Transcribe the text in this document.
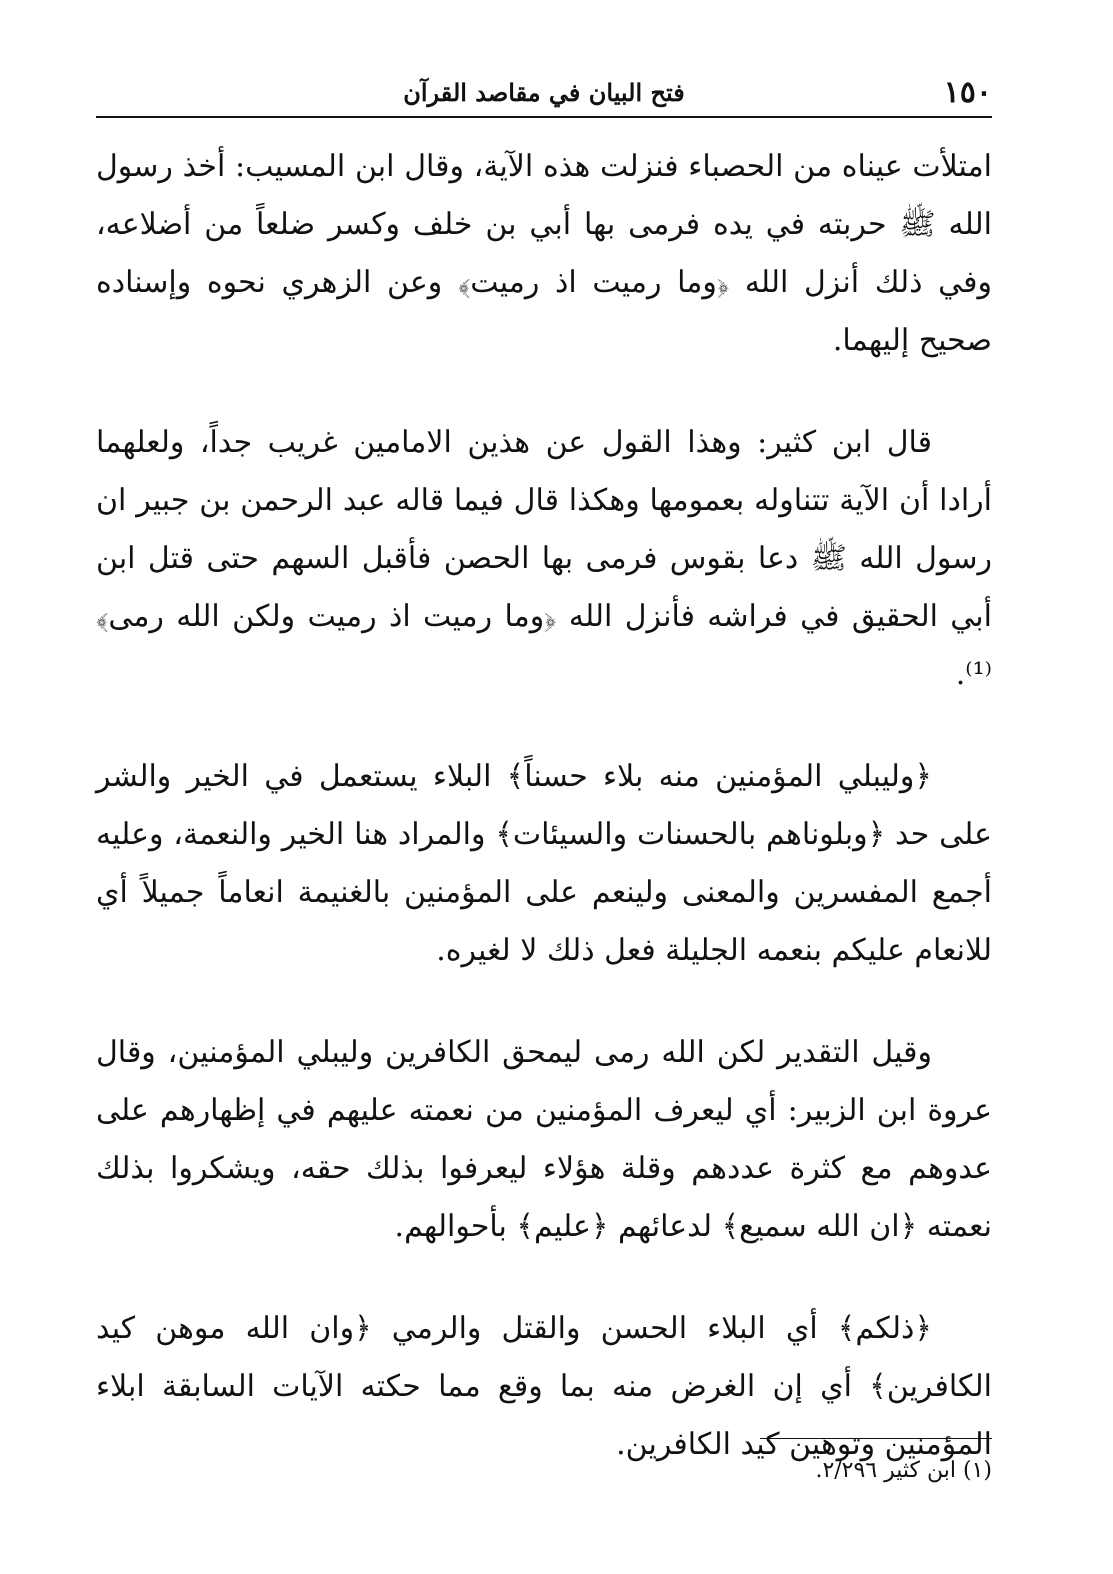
١٥٠
فتح البيان في مقاصد القرآن

امتلأت عيناه من الحصباء فنزلت هذه الآية، وقال ابن المسيب: أخذ رسول الله ﷺ حربته في يده فرمى بها أبي بن خلف وكسر ضلعاً من أضلاعه، وفي ذلك أنزل الله ﴿وما رميت اذ رميت﴾ وعن الزهري نحوه وإسناده صحيح إليهما.

قال ابن كثير: وهذا القول عن هذين الامامين غريب جداً، ولعلهما أرادا أن الآية تتناوله بعمومها وهكذا قال فيما قاله عبد الرحمن بن جبير ان رسول الله ﷺ دعا بقوس فرمى بها الحصن فأقبل السهم حتى قتل ابن أبي الحقيق في فراشه فأنزل الله ﴿وما رميت اذ رميت ولكن الله رمى﴾⁽¹⁾.

﴿وليبلي المؤمنين منه بلاء حسناً﴾ البلاء يستعمل في الخير والشر على حد ﴿وبلوناهم بالحسنات والسيئات﴾ والمراد هنا الخير والنعمة، وعليه أجمع المفسرين والمعنى ولينعم على المؤمنين بالغنيمة انعاماً جميلاً أي للانعام عليكم بنعمه الجليلة فعل ذلك لا لغيره.

وقيل التقدير لكن الله رمى ليمحق الكافرين وليبلي المؤمنين، وقال عروة ابن الزبير: أي ليعرف المؤمنين من نعمته عليهم في إظهارهم على عدوهم مع كثرة عددهم وقلة هؤلاء ليعرفوا بذلك حقه، ويشكروا بذلك نعمته ﴿ان الله سميع﴾ لدعائهم ﴿عليم﴾ بأحوالهم.

﴿ذلكم﴾ أي البلاء الحسن والقتل والرمي ﴿وان الله موهن كيد الكافرين﴾ أي إن الغرض منه بما وقع مما حكته الآيات السابقة ابلاء المؤمنين وتوهين كيد الكافرين.

(١) ابن كثير ٢/٢٩٦.
